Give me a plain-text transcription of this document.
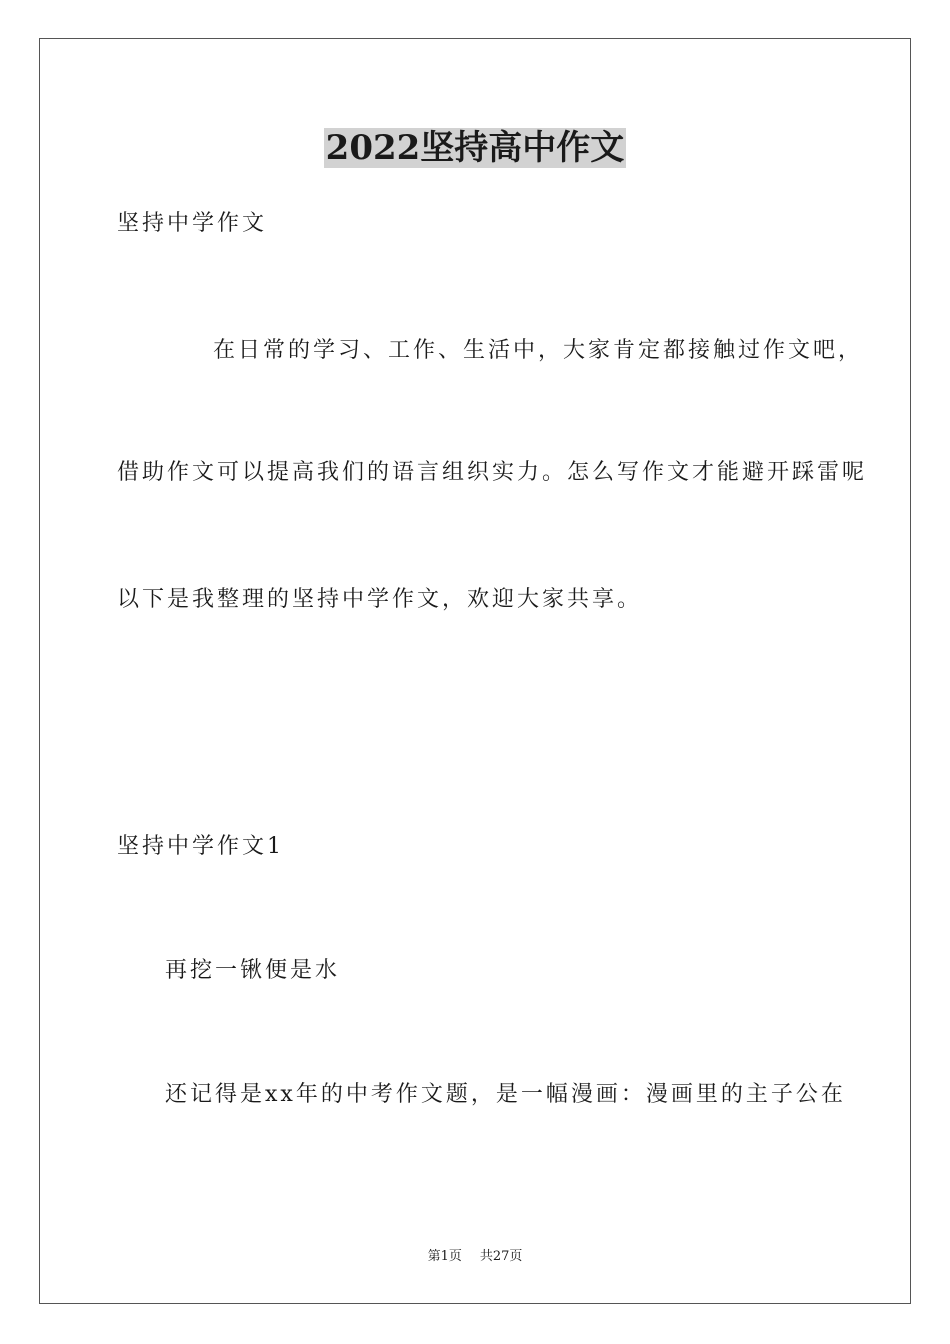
2022坚持高中作文
坚持中学作文
在日常的学习、工作、生活中，大家肯定都接触过作文吧，
借助作文可以提高我们的语言组织实力。怎么写作文才能避开踩雷呢
以下是我整理的坚持中学作文，欢迎大家共享。
坚持中学作文1
再挖一锹便是水
还记得是xx年的中考作文题，是一幅漫画：漫画里的主子公在
第1页 共27页
